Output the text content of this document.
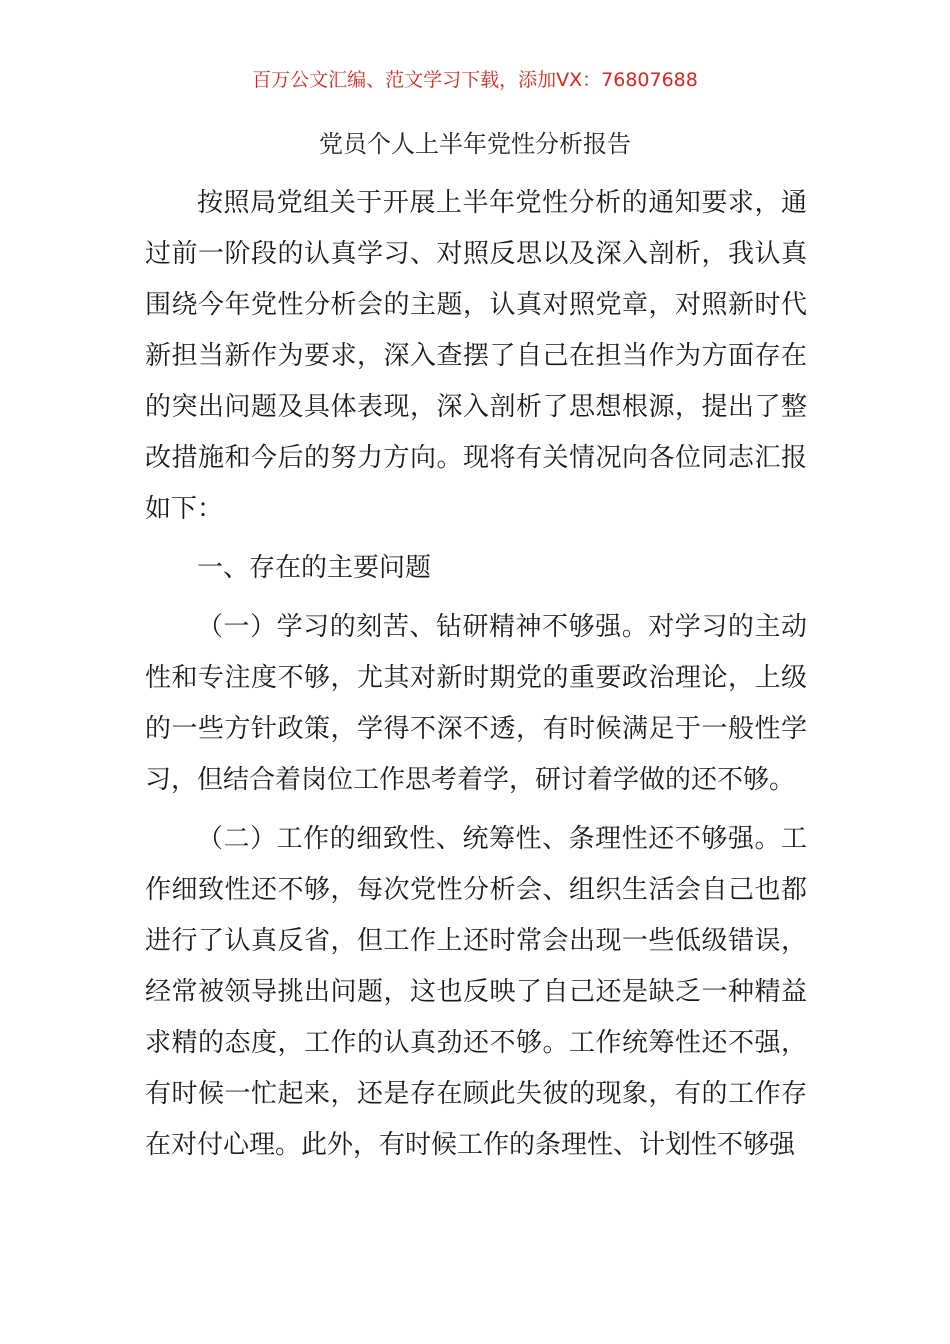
百万公文汇编、范文学习下载，添加VX：76807688
党员个人上半年党性分析报告

按照局党组关于开展上半年党性分析的通知要求，通过前一阶段的认真学习、对照反思以及深入剖析，我认真围绕今年党性分析会的主题，认真对照党章，对照新时代新担当新作为要求，深入查摆了自己在担当作为方面存在的突出问题及具体表现，深入剖析了思想根源，提出了整改措施和今后的努力方向。现将有关情况向各位同志汇报如下：

一、存在的主要问题

（一）学习的刻苦、钻研精神不够强。对学习的主动性和专注度不够，尤其对新时期党的重要政治理论，上级的一些方针政策，学得不深不透，有时候满足于一般性学习，但结合着岗位工作思考着学，研讨着学做的还不够。

（二）工作的细致性、统筹性、条理性还不够强。工作细致性还不够，每次党性分析会、组织生活会自己也都进行了认真反省，但工作上还时常会出现一些低级错误，经常被领导挑出问题，这也反映了自己还是缺乏一种精益求精的态度，工作的认真劲还不够。工作统筹性还不强，有时候一忙起来，还是存在顾此失彼的现象，有的工作存在对付心理。此外，有时候工作的条理性、计划性不够强
